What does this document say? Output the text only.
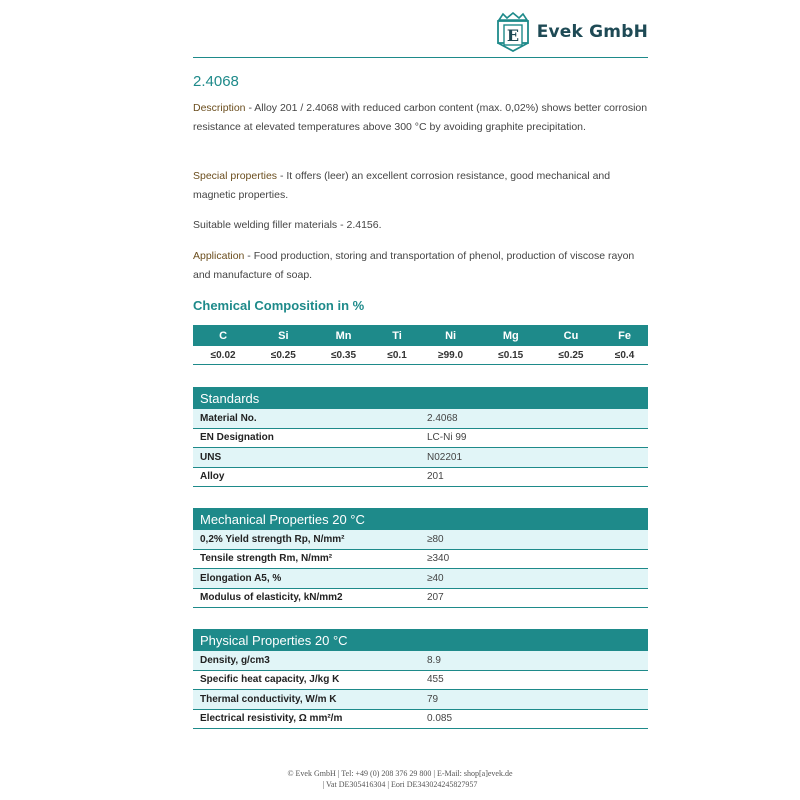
E Evek GmbH
2.4068
Description - Alloy 201 / 2.4068 with reduced carbon content (max. 0,02%) shows better corrosion resistance at elevated temperatures above 300 °C by avoiding graphite precipitation.
Special properties - It offers (leer) an excellent corrosion resistance, good mechanical and magnetic properties.
Suitable welding filler materials - 2.4156.
Application - Food production, storing and transportation of phenol, production of viscose rayon and manufacture of soap.
Chemical Composition in %
C	Si	Mn	Ti	Ni	Mg	Cu	Fe
≤0.02	≤0.25	≤0.35	≤0.1	≥99.0	≤0.15	≤0.25	≤0.4
Standards	
Material No.	2.4068
EN Designation	LC-Ni 99
UNS	N02201
Alloy	201
Mechanical Properties 20 °C	
0,2% Yield strength Rp, N/mm²	≥80
Tensile strength Rm, N/mm²	≥340
Elongation A5, %	≥40
Modulus of elasticity, kN/mm2	207
Physical Properties 20 °C	
Density, g/cm3	8.9
Specific heat capacity, J/kg K	455
Thermal conductivity, W/m K	79
Electrical resistivity, Ω mm²/m	0.085
© Evek GmbH | Tel: +49 (0) 208 376 29 800 | E-Mail: shop[a]evek.de
| Vat DE305416304 | Eori DE343024245827957
